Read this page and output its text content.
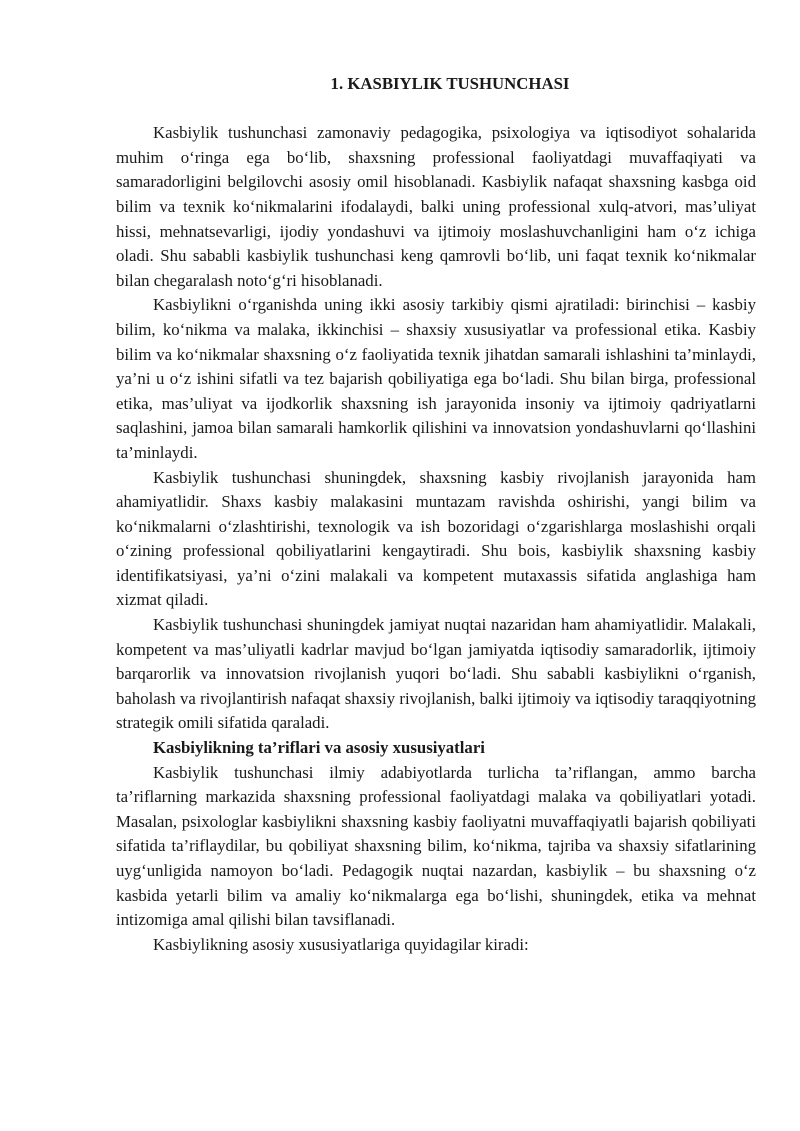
1. KASBIYLIK TUSHUNCHASI

Kasbiylik tushunchasi zamonaviy pedagogika, psixologiya va iqtisodiyot sohalarida muhim o‘ringa ega bo‘lib, shaxsning professional faoliyatdagi muvaffaqiyati va samaradorligini belgilovchi asosiy omil hisoblanadi. Kasbiylik nafaqat shaxsning kasbga oid bilim va texnik ko‘nikmalarini ifodalaydi, balki uning professional xulq-atvori, mas’uliyat hissi, mehnatsevarligi, ijodiy yondashuvi va ijtimoiy moslashuvchanligini ham o‘z ichiga oladi. Shu sababli kasbiylik tushunchasi keng qamrovli bo‘lib, uni faqat texnik ko‘nikmalar bilan chegaralash noto‘g‘ri hisoblanadi.

Kasbiylikni o‘rganishda uning ikki asosiy tarkibiy qismi ajratiladi: birinchisi – kasbiy bilim, ko‘nikma va malaka, ikkinchisi – shaxsiy xususiyatlar va professional etika. Kasbiy bilim va ko‘nikmalar shaxsning o‘z faoliyatida texnik jihatdan samarali ishlashini ta’minlaydi, ya’ni u o‘z ishini sifatli va tez bajarish qobiliyatiga ega bo‘ladi. Shu bilan birga, professional etika, mas’uliyat va ijodkorlik shaxsning ish jarayonida insoniy va ijtimoiy qadriyatlarni saqlashini, jamoa bilan samarali hamkorlik qilishini va innovatsion yondashuvlarni qo‘llashini ta’minlaydi.

Kasbiylik tushunchasi shuningdek, shaxsning kasbiy rivojlanish jarayonida ham ahamiyatlidir. Shaxs kasbiy malakasini muntazam ravishda oshirishi, yangi bilim va ko‘nikmalarni o‘zlashtirishi, texnologik va ish bozoridagi o‘zgarishlarga moslashishi orqali o‘zining professional qobiliyatlarini kengaytiradi. Shu bois, kasbiylik shaxsning kasbiy identifikatsiyasi, ya’ni o‘zini malakali va kompetent mutaxassis sifatida anglashiga ham xizmat qiladi.

Kasbiylik tushunchasi shuningdek jamiyat nuqtai nazaridan ham ahamiyatlidir. Malakali, kompetent va mas’uliyatli kadrlar mavjud bo‘lgan jamiyatda iqtisodiy samaradorlik, ijtimoiy barqarorlik va innovatsion rivojlanish yuqori bo‘ladi. Shu sababli kasbiylikni o‘rganish, baholash va rivojlantirish nafaqat shaxsiy rivojlanish, balki ijtimoiy va iqtisodiy taraqqiyotning strategik omili sifatida qaraladi.

Kasbiylikning ta’riflari va asosiy xususiyatlari

Kasbiylik tushunchasi ilmiy adabiyotlarda turlicha ta’riflangan, ammo barcha ta’riflarning markazida shaxsning professional faoliyatdagi malaka va qobiliyatlari yotadi. Masalan, psixologlar kasbiylikni shaxsning kasbiy faoliyatni muvaffaqiyatli bajarish qobiliyati sifatida ta’riflaydilar, bu qobiliyat shaxsning bilim, ko‘nikma, tajriba va shaxsiy sifatlarining uyg‘unligida namoyon bo‘ladi. Pedagogik nuqtai nazardan, kasbiylik – bu shaxsning o‘z kasbida yetarli bilim va amaliy ko‘nikmalarga ega bo‘lishi, shuningdek, etika va mehnat intizomiga amal qilishi bilan tavsiflanadi.

Kasbiylikning asosiy xususiyatlariga quyidagilar kiradi:
